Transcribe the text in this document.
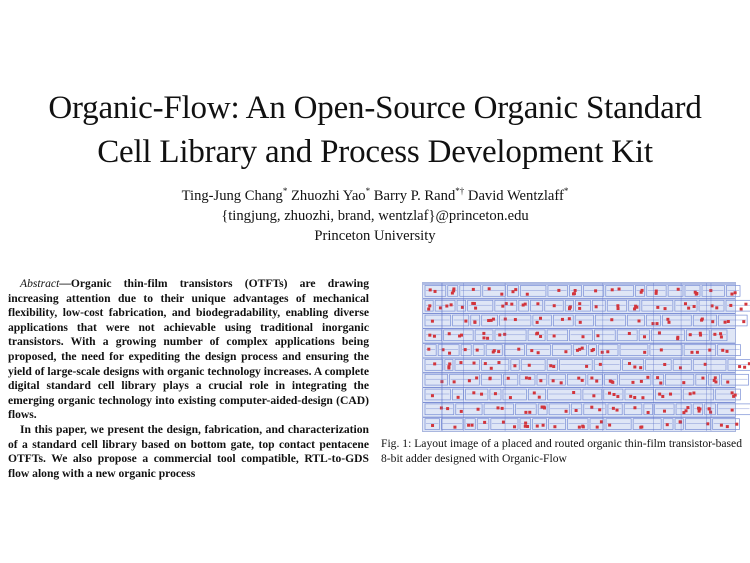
Organic-Flow: An Open-Source Organic Standard
Cell Library and Process Development Kit
Ting-Jung Chang* Zhuozhi Yao* Barry P. Rand*† David Wentzlaff*
{tingjung, zhuozhi, brand, wentzlaf}@princeton.edu
Princeton University

Abstract—Organic thin-film transistors (OTFTs) are drawing increasing attention due to their unique advantages of mechanical flexibility, low-cost fabrication, and biodegradability, enabling diverse applications that were not achievable using traditional inorganic transistors. With a growing number of complex applications being proposed, the need for expediting the design process and ensuring the yield of large-scale designs with organic technology increases. A complete digital standard cell library plays a crucial role in integrating the emerging organic technology into existing computer-aided-design (CAD) flows.

In this paper, we present the design, fabrication, and characterization of a standard cell library based on bottom gate, top contact pentacene OTFTs. We also propose a commercial tool compatible, RTL-to-GDS flow along with a new organic process

Fig. 1: Layout image of a placed and routed organic thin-film transistor-based 8-bit adder designed with Organic-Flow
